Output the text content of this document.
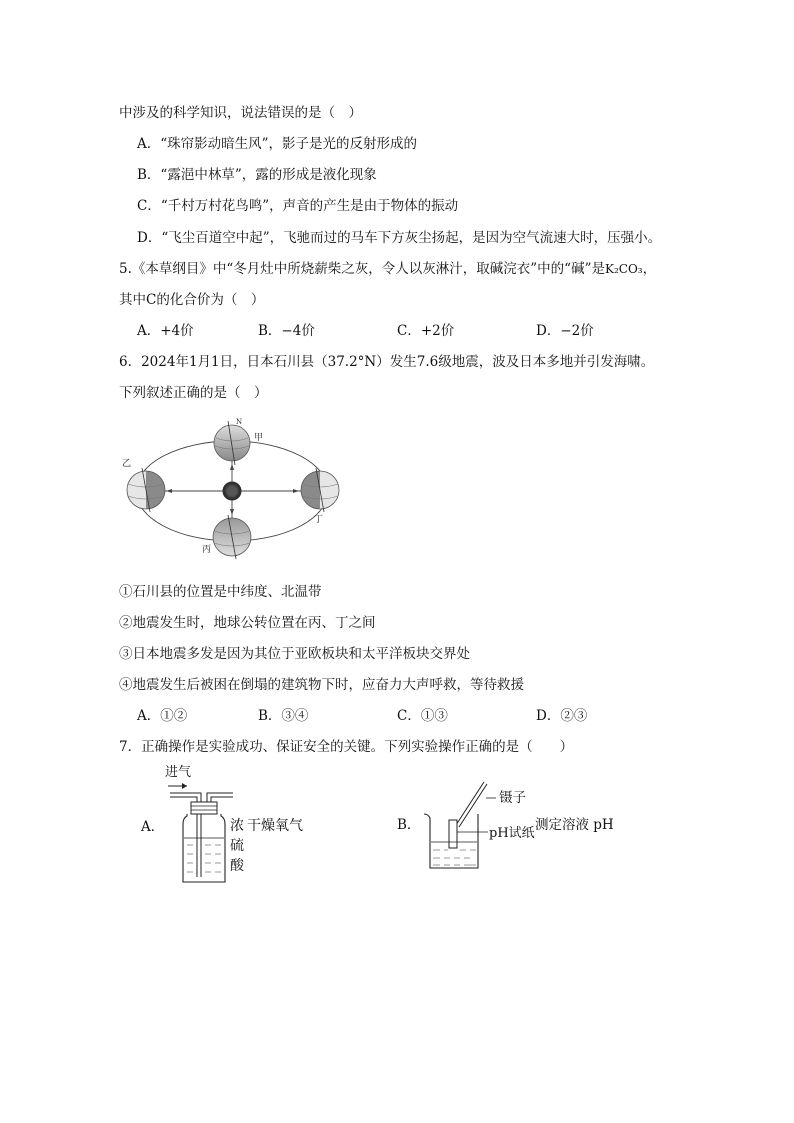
中涉及的科学知识，说法错误的是（　）
A．“珠帘影动暗生风”，影子是光的反射形成的
B．“露浥中林草”，露的形成是液化现象
C．“千村万村花鸟鸣”，声音的产生是由于物体的振动
D．“飞尘百道空中起”，飞驰而过的马车下方灰尘扬起，是因为空气流速大时，压强小。
5.《本草纲目》中“冬月灶中所烧薪柴之灰，令人以灰淋汁，取碱浣衣”中的“碱”是K₂CO₃，
其中C的化合价为（　）
A．+4价	B．−4价	C．+2价	D．−2价
6．2024年1月1日，日本石川县（37.2°N）发生7.6级地震，波及日本多地并引发海啸。
下列叙述正确的是（　）
N
甲
乙
丙
丁
①石川县的位置是中纬度、北温带
②地震发生时，地球公转位置在丙、丁之间
③日本地震多发是因为其位于亚欧板块和太平洋板块交界处
④地震发生后被困在倒塌的建筑物下时，应奋力大声呼救，等待救援
A．①②	B．③④	C．①③	D．②③
7．正确操作是实验成功、保证安全的关键。下列实验操作正确的是（　　）
A．
进气
浓 干燥氧气
硫
酸
B．
镊子
pH试纸
测定溶液 pH
